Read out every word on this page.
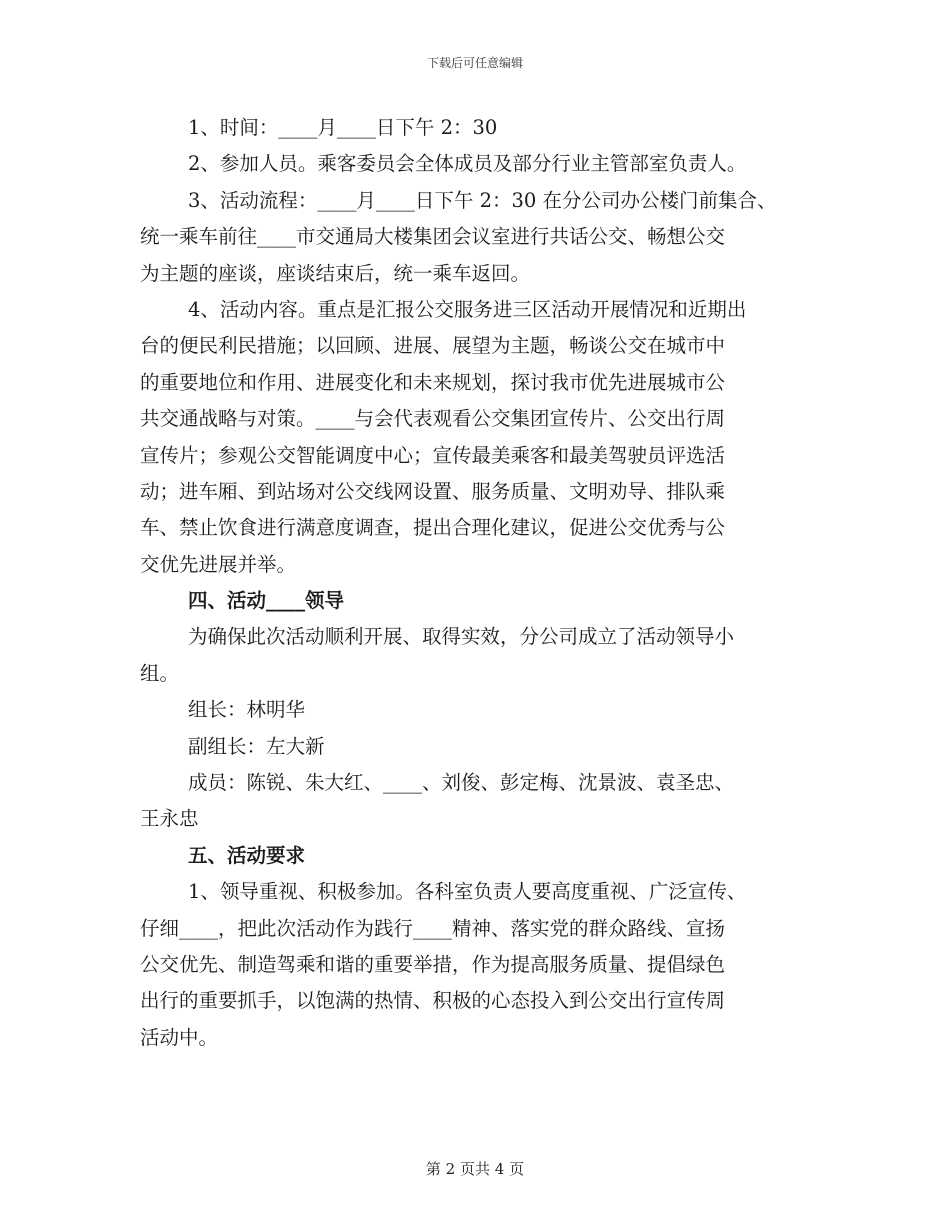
下载后可任意编辑
1、时间：____月____日下午 2：30
2、参加人员。乘客委员会全体成员及部分行业主管部室负责人。
3、活动流程：____月____日下午 2：30 在分公司办公楼门前集合、
统一乘车前往____市交通局大楼集团会议室进行共话公交、畅想公交
为主题的座谈，座谈结束后，统一乘车返回。
4、活动内容。重点是汇报公交服务进三区活动开展情况和近期出
台的便民利民措施；以回顾、进展、展望为主题，畅谈公交在城市中
的重要地位和作用、进展变化和未来规划，探讨我市优先进展城市公
共交通战略与对策。____与会代表观看公交集团宣传片、公交出行周
宣传片；参观公交智能调度中心；宣传最美乘客和最美驾驶员评选活
动；进车厢、到站场对公交线网设置、服务质量、文明劝导、排队乘
车、禁止饮食进行满意度调查，提出合理化建议，促进公交优秀与公
交优先进展并举。
四、活动____领导
为确保此次活动顺利开展、取得实效，分公司成立了活动领导小
组。
组长：林明华
副组长：左大新
成员：陈锐、朱大红、____、刘俊、彭定梅、沈景波、袁圣忠、
王永忠
五、活动要求
1、领导重视、积极参加。各科室负责人要高度重视、广泛宣传、
仔细____，把此次活动作为践行____精神、落实党的群众路线、宣扬
公交优先、制造驾乘和谐的重要举措，作为提高服务质量、提倡绿色
出行的重要抓手，以饱满的热情、积极的心态投入到公交出行宣传周
活动中。
第 2 页共 4 页
